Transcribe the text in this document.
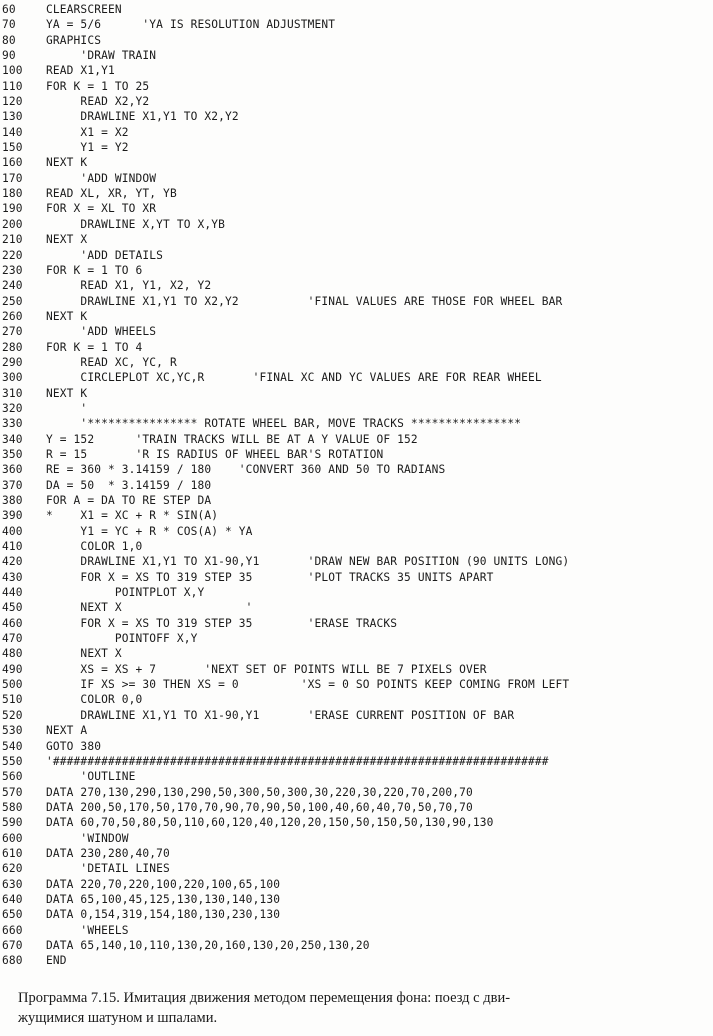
60	CLEARSCREEN
70	YA = 5/6      'YA IS RESOLUTION ADJUSTMENT
80	GRAPHICS
90	'DRAW TRAIN
100	READ X1,Y1
110	FOR K = 1 TO 25
120	READ X2,Y2
130	DRAWLINE X1,Y1 TO X2,Y2
140	X1 = X2
150	Y1 = Y2
160	NEXT K
170	'ADD WINDOW
180	READ XL, XR, YT, YB
190	FOR X = XL TO XR
200	DRAWLINE X,YT TO X,YB
210	NEXT X
220	'ADD DETAILS
230	FOR K = 1 TO 6
240	READ X1, Y1, X2, Y2
250	DRAWLINE X1,Y1 TO X2,Y2          'FINAL VALUES ARE THOSE FOR WHEEL BAR
260	NEXT K
270	'ADD WHEELS
280	FOR K = 1 TO 4
290	READ XC, YC, R
300	CIRCLEPLOT XC,YC,R       'FINAL XC AND YC VALUES ARE FOR REAR WHEEL
310	NEXT K
320	'
330	'**************** ROTATE WHEEL BAR, MOVE TRACKS ****************
340	Y = 152      'TRAIN TRACKS WILL BE AT A Y VALUE OF 152
350	R = 15       'R IS RADIUS OF WHEEL BAR'S ROTATION
360	RE = 360 * 3.14159 / 180    'CONVERT 360 AND 50 TO RADIANS
370	DA = 50  * 3.14159 / 180
380	FOR A = DA TO RE STEP DA
390	*    X1 = XC + R * SIN(A)
400	Y1 = YC + R * COS(A) * YA
410	COLOR 1,0
420	DRAWLINE X1,Y1 TO X1-90,Y1       'DRAW NEW BAR POSITION (90 UNITS LONG)
430	FOR X = XS TO 319 STEP 35        'PLOT TRACKS 35 UNITS APART
440	POINTPLOT X,Y
450	NEXT X                  '
460	FOR X = XS TO 319 STEP 35        'ERASE TRACKS
470	POINTOFF X,Y
480	NEXT X
490	XS = XS + 7       'NEXT SET OF POINTS WILL BE 7 PIXELS OVER
500	IF XS >= 30 THEN XS = 0         'XS = 0 SO POINTS KEEP COMING FROM LEFT
510	COLOR 0,0
520	DRAWLINE X1,Y1 TO X1-90,Y1       'ERASE CURRENT POSITION OF BAR
530	NEXT A
540	GOTO 380
550	'########################################################################
560	'OUTLINE
570	DATA 270,130,290,130,290,50,300,50,300,30,220,30,220,70,200,70
580	DATA 200,50,170,50,170,70,90,70,90,50,100,40,60,40,70,50,70,70
590	DATA 60,70,50,80,50,110,60,120,40,120,20,150,50,150,50,130,90,130
600	'WINDOW
610	DATA 230,280,40,70
620	'DETAIL LINES
630	DATA 220,70,220,100,220,100,65,100
640	DATA 65,100,45,125,130,130,140,130
650	DATA 0,154,319,154,180,130,230,130
660	'WHEELS
670	DATA 65,140,10,110,130,20,160,130,20,250,130,20
680	END
Программа 7.15. Имитация движения методом перемещения фона: поезд с дви-
жущимися шатуном и шпалами.
